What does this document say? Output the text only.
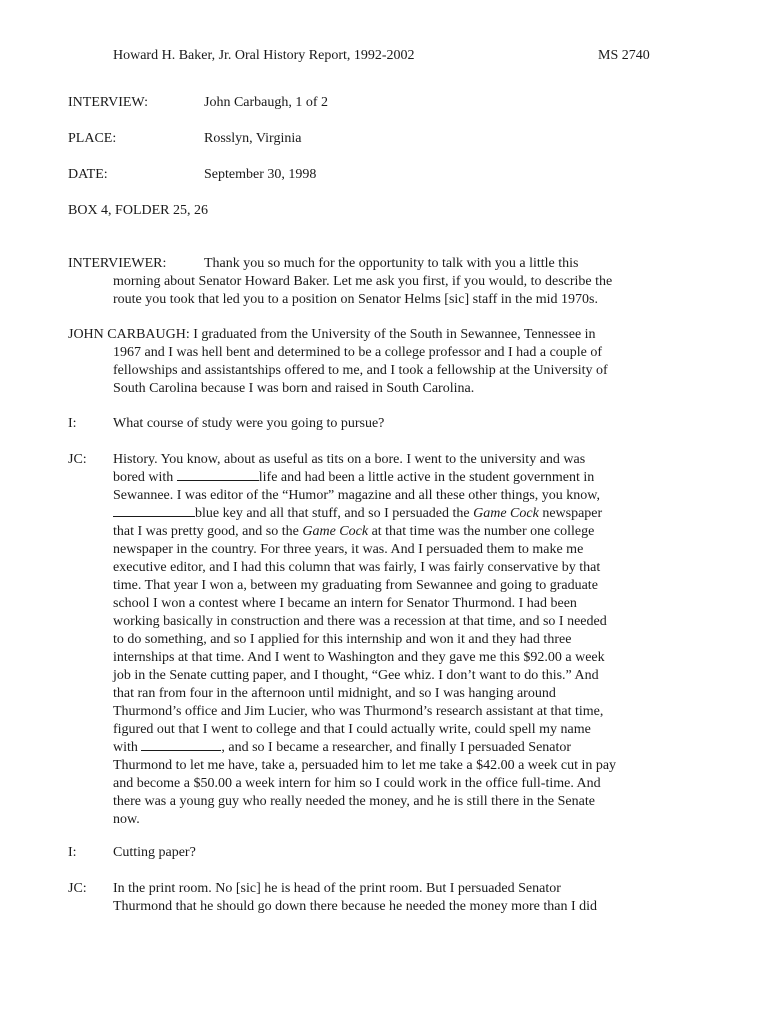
Howard H. Baker, Jr. Oral History Report, 1992-2002	MS 2740
INTERVIEW:	John Carbaugh, 1 of 2
PLACE:	Rosslyn, Virginia
DATE:	September 30, 1998
BOX 4, FOLDER 25, 26
INTERVIEWER:	Thank you so much for the opportunity to talk with you a little this
morning about Senator Howard Baker. Let me ask you first, if you would, to describe the
route you took that led you to a position on Senator Helms [sic] staff in the mid 1970s.
JOHN CARBAUGH: I graduated from the University of the South in Sewannee, Tennessee in
1967 and I was hell bent and determined to be a college professor and I had a couple of
fellowships and assistantships offered to me, and I took a fellowship at the University of
South Carolina because I was born and raised in South Carolina.
I:	What course of study were you going to pursue?
JC: History. You know, about as useful as tits on a bore. I went to the university and was
bored with	life and had been a little active in the student government in
Sewannee. I was editor of the “Humor” magazine and all these other things, you know,
blue key and all that stuff, and so I persuaded the Game Cock newspaper
that I was pretty good, and so the Game Cock at that time was the number one college
newspaper in the country. For three years, it was. And I persuaded them to make me
executive editor, and I had this column that was fairly, I was fairly conservative by that
time. That year I won a, between my graduating from Sewannee and going to graduate
school I won a contest where I became an intern for Senator Thurmond. I had been
working basically in construction and there was a recession at that time, and so I needed
to do something, and so I applied for this internship and won it and they had three
internships at that time. And I went to Washington and they gave me this $92.00 a week
job in the Senate cutting paper, and I thought, “Gee whiz. I don’t want to do this.” And
that ran from four in the afternoon until midnight, and so I was hanging around
Thurmond’s office and Jim Lucier, who was Thurmond’s research assistant at that time,
figured out that I went to college and that I could actually write, could spell my name
with	, and so I became a researcher, and finally I persuaded Senator
Thurmond to let me have, take a, persuaded him to let me take a $42.00 a week cut in pay
and become a $50.00 a week intern for him so I could work in the office full-time. And
there was a young guy who really needed the money, and he is still there in the Senate
now.
I:	Cutting paper?
JC: In the print room. No [sic] he is head of the print room. But I persuaded Senator
Thurmond that he should go down there because he needed the money more than I did
